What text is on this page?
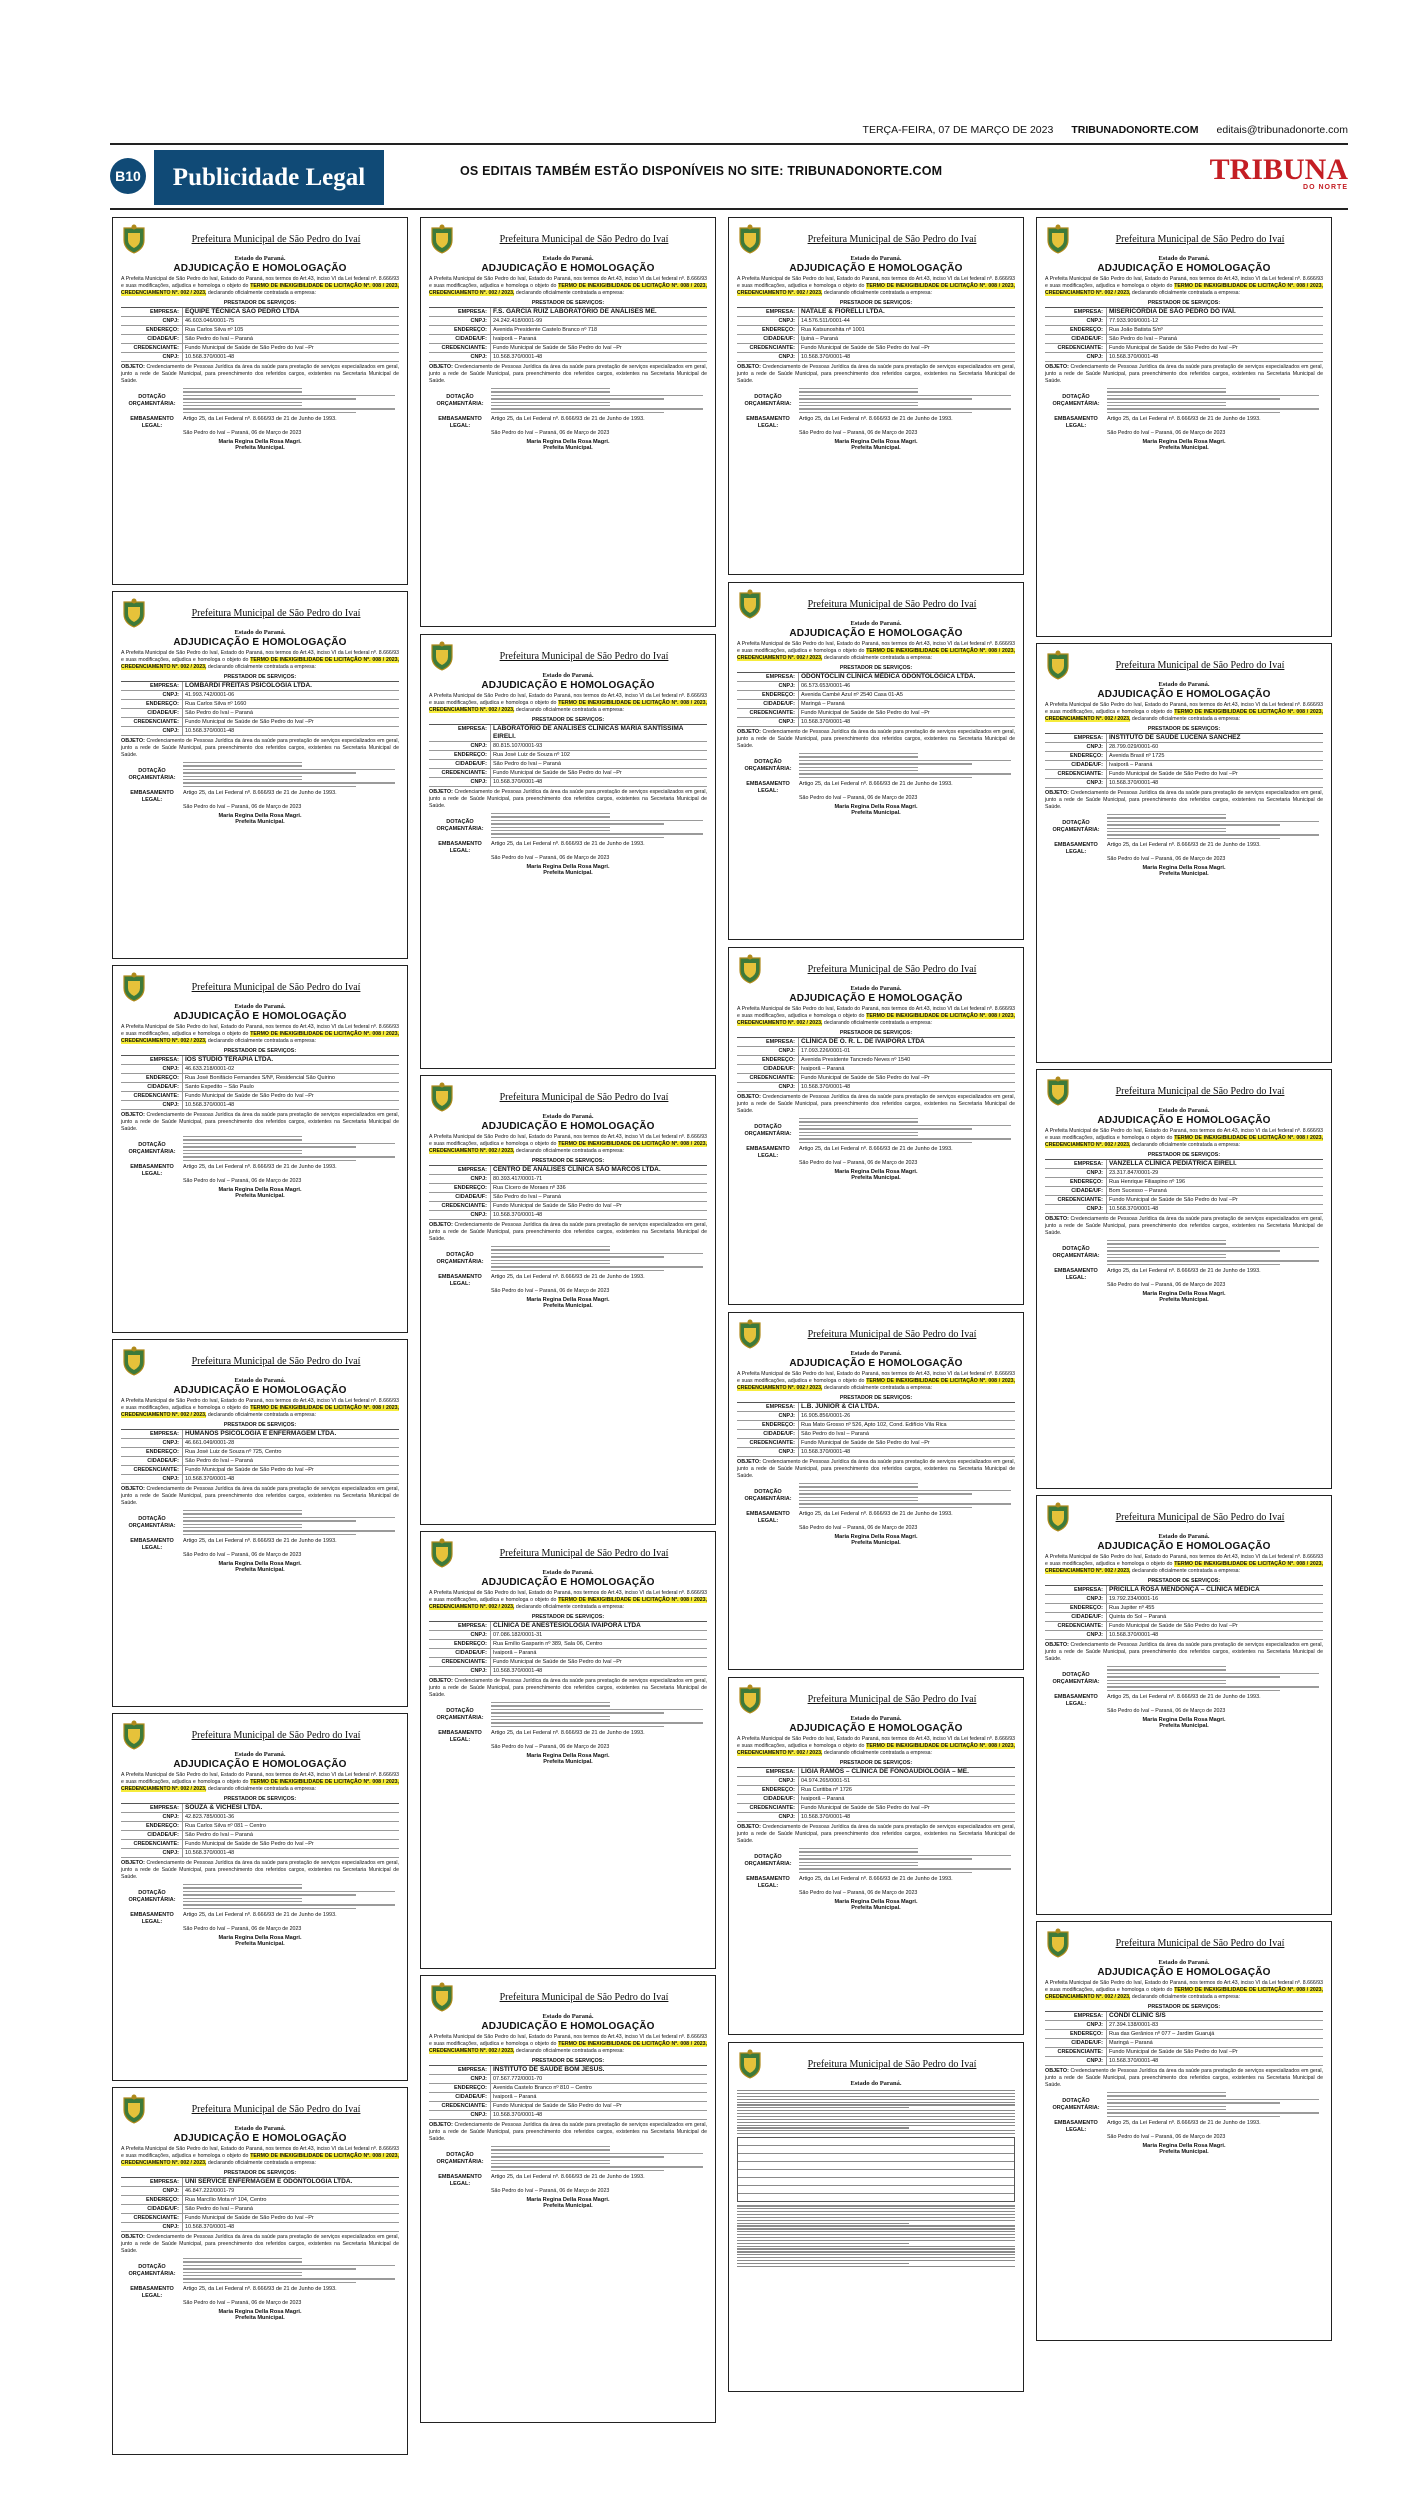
TERÇA-FEIRA, 07 DE MARÇO DE 2023 TRIBUNADONORTE.COM editais@tribunadonorte.com
B10	Publicidade Legal	OS EDITAIS TAMBÉM ESTÃO DISPONÍVEIS NO SITE: TRIBUNADONORTE.COM	TRIBUNA
DO NORTE
Prefeitura Municipal de São Pedro do Ivaí
Estado do Paraná.
ADJUDICAÇÃO E HOMOLOGAÇÃO
A Prefeita Municipal de São Pedro do Ivaí, Estado do Paraná, nos termos do Art.43, inciso VI da Lei federal nº. 8.666/93 e suas modificações, adjudica e homologa o objeto do TERMO DE INEXIGIBILIDADE DE LICITAÇÃO Nº. 008 / 2023, CREDENCIAMENTO Nº. 002 / 2023, declarando oficialmente contratada a empresa:
PRESTADOR DE SERVIÇOS:
EMPRESA: EQUIPE TÉCNICA SÃO PEDRO LTDA
CNPJ:	46.603.046/0001-75
ENDEREÇO:	Rua Carlos Silva nº 105
CIDADE/UF:	São Pedro do Ivaí – Paraná
CREDENCIANTE:	Fundo Municipal de Saúde de São Pedro do Ivaí –Pr
CNPJ:	10.568.370/0001-48
OBJETO: Credenciamento de Pessoas Jurídica da área da saúde para prestação de serviços especializados em geral, junto a rede de Saúde Municipal, para preenchimento dos referidos cargos, existentes na Secretaria Municipal de Saúde.
DOTAÇÃO ORÇAMENTÁRIA:
EMBASAMENTO LEGAL:
Artigo 25, da Lei Federal nº. 8.666/93 de 21 de Junho de 1993.
São Pedro do Ivaí – Paraná, 06 de Março de 2023
Maria Regina Della Rosa Magri.
Prefeita Municipal.
Prefeitura Municipal de São Pedro do Ivaí
Estado do Paraná.
ADJUDICAÇÃO E HOMOLOGAÇÃO
A Prefeita Municipal de São Pedro do Ivaí, Estado do Paraná, nos termos do Art.43, inciso VI da Lei federal nº. 8.666/93 e suas modificações, adjudica e homologa o objeto do TERMO DE INEXIGIBILIDADE DE LICITAÇÃO Nº. 008 / 2023, CREDENCIAMENTO Nº. 002 / 2023, declarando oficialmente contratada a empresa:
PRESTADOR DE SERVIÇOS:
EMPRESA: LOMBARDI FREITAS PSICOLOGIA LTDA.
CNPJ:	41.993.742/0001-06
ENDEREÇO:	Rua Carlos Silva nº 1660
CIDADE/UF:	São Pedro do Ivaí – Paraná
CREDENCIANTE:	Fundo Municipal de Saúde de São Pedro do Ivaí –Pr
CNPJ:	10.568.370/0001-48
OBJETO: Credenciamento de Pessoas Jurídica da área da saúde para prestação de serviços especializados em geral, junto a rede de Saúde Municipal, para preenchimento dos referidos cargos, existentes na Secretaria Municipal de Saúde.
DOTAÇÃO ORÇAMENTÁRIA:
EMBASAMENTO LEGAL:
Artigo 25, da Lei Federal nº. 8.666/93 de 21 de Junho de 1993.
São Pedro do Ivaí – Paraná, 06 de Março de 2023
Maria Regina Della Rosa Magri.
Prefeita Municipal.
Prefeitura Municipal de São Pedro do Ivaí
Estado do Paraná.
ADJUDICAÇÃO E HOMOLOGAÇÃO
A Prefeita Municipal de São Pedro do Ivaí, Estado do Paraná, nos termos do Art.43, inciso VI da Lei federal nº. 8.666/93 e suas modificações, adjudica e homologa o objeto do TERMO DE INEXIGIBILIDADE DE LICITAÇÃO Nº. 008 / 2023, CREDENCIAMENTO Nº. 002 / 2023, declarando oficialmente contratada a empresa:
PRESTADOR DE SERVIÇOS:
EMPRESA: IOS STUDIO TERAPIA LTDA.
CNPJ:	46.633.218/0001-02
ENDEREÇO:	Rua José Bonifácio Fernandes S/Nº, Residencial São Quirino
CIDADE/UF:	Santo Expedito – São Paulo
CREDENCIANTE:	Fundo Municipal de Saúde de São Pedro do Ivaí –Pr
CNPJ:	10.568.370/0001-48
OBJETO: Credenciamento de Pessoas Jurídica da área da saúde para prestação de serviços especializados em geral, junto a rede de Saúde Municipal, para preenchimento dos referidos cargos, existentes na Secretaria Municipal de Saúde.
DOTAÇÃO ORÇAMENTÁRIA:
EMBASAMENTO LEGAL:
Artigo 25, da Lei Federal nº. 8.666/93 de 21 de Junho de 1993.
São Pedro do Ivaí – Paraná, 06 de Março de 2023
Maria Regina Della Rosa Magri.
Prefeita Municipal.
Prefeitura Municipal de São Pedro do Ivaí
Estado do Paraná.
ADJUDICAÇÃO E HOMOLOGAÇÃO
A Prefeita Municipal de São Pedro do Ivaí, Estado do Paraná, nos termos do Art.43, inciso VI da Lei federal nº. 8.666/93 e suas modificações, adjudica e homologa o objeto do TERMO DE INEXIGIBILIDADE DE LICITAÇÃO Nº. 008 / 2023, CREDENCIAMENTO Nº. 002 / 2023, declarando oficialmente contratada a empresa:
PRESTADOR DE SERVIÇOS:
EMPRESA: HUMANOS PSICOLOGIA E ENFERMAGEM LTDA.
CNPJ:	46.661.049/0001-28
ENDEREÇO:	Rua José Luiz de Souza nº 725, Centro
CIDADE/UF:	São Pedro do Ivaí – Paraná
CREDENCIANTE:	Fundo Municipal de Saúde de São Pedro do Ivaí –Pr
CNPJ:	10.568.370/0001-48
OBJETO: Credenciamento de Pessoas Jurídica da área da saúde para prestação de serviços especializados em geral, junto a rede de Saúde Municipal, para preenchimento dos referidos cargos, existentes na Secretaria Municipal de Saúde.
DOTAÇÃO ORÇAMENTÁRIA:
EMBASAMENTO LEGAL:
Artigo 25, da Lei Federal nº. 8.666/93 de 21 de Junho de 1993.
São Pedro do Ivaí – Paraná, 06 de Março de 2023
Maria Regina Della Rosa Magri.
Prefeita Municipal.
Prefeitura Municipal de São Pedro do Ivaí
Estado do Paraná.
ADJUDICAÇÃO E HOMOLOGAÇÃO
A Prefeita Municipal de São Pedro do Ivaí, Estado do Paraná, nos termos do Art.43, inciso VI da Lei federal nº. 8.666/93 e suas modificações, adjudica e homologa o objeto do TERMO DE INEXIGIBILIDADE DE LICITAÇÃO Nº. 008 / 2023, CREDENCIAMENTO Nº. 002 / 2023, declarando oficialmente contratada a empresa:
PRESTADOR DE SERVIÇOS:
EMPRESA: SOUZA & VICHESI LTDA.
CNPJ:	42.823.785/0001-36
ENDEREÇO:	Rua Carlos Silva nº 081 – Centro
CIDADE/UF:	São Pedro do Ivaí – Paraná
CREDENCIANTE:	Fundo Municipal de Saúde de São Pedro do Ivaí –Pr
CNPJ:	10.568.370/0001-48
OBJETO: Credenciamento de Pessoas Jurídica da área da saúde para prestação de serviços especializados em geral, junto a rede de Saúde Municipal, para preenchimento dos referidos cargos, existentes na Secretaria Municipal de Saúde.
DOTAÇÃO ORÇAMENTÁRIA:
EMBASAMENTO LEGAL:
Artigo 25, da Lei Federal nº. 8.666/93 de 21 de Junho de 1993.
São Pedro do Ivaí – Paraná, 06 de Março de 2023
Maria Regina Della Rosa Magri.
Prefeita Municipal.
Prefeitura Municipal de São Pedro do Ivaí
Estado do Paraná.
ADJUDICAÇÃO E HOMOLOGAÇÃO
A Prefeita Municipal de São Pedro do Ivaí, Estado do Paraná, nos termos do Art.43, inciso VI da Lei federal nº. 8.666/93 e suas modificações, adjudica e homologa o objeto do TERMO DE INEXIGIBILIDADE DE LICITAÇÃO Nº. 008 / 2023, CREDENCIAMENTO Nº. 002 / 2023, declarando oficialmente contratada a empresa:
PRESTADOR DE SERVIÇOS:
EMPRESA: UNI SERVICE ENFERMAGEM E ODONTOLOGIA LTDA.
CNPJ:	46.847.222/0001-79
ENDEREÇO:	Rua Marcílio Mota nº 104, Centro
CIDADE/UF:	São Pedro do Ivaí – Paraná
CREDENCIANTE:	Fundo Municipal de Saúde de São Pedro do Ivaí –Pr
CNPJ:	10.568.370/0001-48
OBJETO: Credenciamento de Pessoas Jurídica da área da saúde para prestação de serviços especializados em geral, junto a rede de Saúde Municipal, para preenchimento dos referidos cargos, existentes na Secretaria Municipal de Saúde.
DOTAÇÃO ORÇAMENTÁRIA:
EMBASAMENTO LEGAL:
Artigo 25, da Lei Federal nº. 8.666/93 de 21 de Junho de 1993.
São Pedro do Ivaí – Paraná, 06 de Março de 2023
Maria Regina Della Rosa Magri.
Prefeita Municipal.
Prefeitura Municipal de São Pedro do Ivaí
Estado do Paraná.
ADJUDICAÇÃO E HOMOLOGAÇÃO
A Prefeita Municipal de São Pedro do Ivaí, Estado do Paraná, nos termos do Art.43, inciso VI da Lei federal nº. 8.666/93 e suas modificações, adjudica e homologa o objeto do TERMO DE INEXIGIBILIDADE DE LICITAÇÃO Nº. 008 / 2023, CREDENCIAMENTO Nº. 002 / 2023, declarando oficialmente contratada a empresa:
PRESTADOR DE SERVIÇOS:
EMPRESA: F.S. GARCIA RUIZ LABORATÓRIO DE ANÁLISES ME.
CNPJ:	24.242.418/0001-99
ENDEREÇO:	Avenida Presidente Castelo Branco nº 718
CIDADE/UF:	Ivaiporã – Paraná
CREDENCIANTE:	Fundo Municipal de Saúde de São Pedro do Ivaí –Pr
CNPJ:	10.568.370/0001-48
OBJETO: Credenciamento de Pessoas Jurídica da área da saúde para prestação de serviços especializados em geral, junto a rede de Saúde Municipal, para preenchimento dos referidos cargos, existentes na Secretaria Municipal de Saúde.
DOTAÇÃO ORÇAMENTÁRIA:
EMBASAMENTO LEGAL:
Artigo 25, da Lei Federal nº. 8.666/93 de 21 de Junho de 1993.
São Pedro do Ivaí – Paraná, 06 de Março de 2023
Maria Regina Della Rosa Magri.
Prefeita Municipal.
Prefeitura Municipal de São Pedro do Ivaí
Estado do Paraná.
ADJUDICAÇÃO E HOMOLOGAÇÃO
A Prefeita Municipal de São Pedro do Ivaí, Estado do Paraná, nos termos do Art.43, inciso VI da Lei federal nº. 8.666/93 e suas modificações, adjudica e homologa o objeto do TERMO DE INEXIGIBILIDADE DE LICITAÇÃO Nº. 008 / 2023, CREDENCIAMENTO Nº. 002 / 2023, declarando oficialmente contratada a empresa:
PRESTADOR DE SERVIÇOS:
EMPRESA: LABORATÓRIO DE ANÁLISES CLÍNICAS MARIA SANTÍSSIMA EIRELI.
CNPJ:	80.815.107/0001-93
ENDEREÇO:	Rua José Luiz de Souza nº 102
CIDADE/UF:	São Pedro do Ivaí – Paraná
CREDENCIANTE:	Fundo Municipal de Saúde de São Pedro do Ivaí –Pr
CNPJ:	10.568.370/0001-48
OBJETO: Credenciamento de Pessoas Jurídica da área da saúde para prestação de serviços especializados em geral, junto a rede de Saúde Municipal, para preenchimento dos referidos cargos, existentes na Secretaria Municipal de Saúde.
DOTAÇÃO ORÇAMENTÁRIA:
EMBASAMENTO LEGAL:
Artigo 25, da Lei Federal nº. 8.666/93 de 21 de Junho de 1993.
São Pedro do Ivaí – Paraná, 06 de Março de 2023
Maria Regina Della Rosa Magri.
Prefeita Municipal.
Prefeitura Municipal de São Pedro do Ivaí
Estado do Paraná.
ADJUDICAÇÃO E HOMOLOGAÇÃO
A Prefeita Municipal de São Pedro do Ivaí, Estado do Paraná, nos termos do Art.43, inciso VI da Lei federal nº. 8.666/93 e suas modificações, adjudica e homologa o objeto do TERMO DE INEXIGIBILIDADE DE LICITAÇÃO Nº. 008 / 2023, CREDENCIAMENTO Nº. 002 / 2023, declarando oficialmente contratada a empresa:
PRESTADOR DE SERVIÇOS:
EMPRESA: CENTRO DE ANÁLISES CLÍNICA SÃO MARCOS LTDA.
CNPJ:	80.393.417/0001-71
ENDEREÇO:	Rua Cícero de Moraes nº 336
CIDADE/UF:	São Pedro do Ivaí – Paraná
CREDENCIANTE:	Fundo Municipal de Saúde de São Pedro do Ivaí –Pr
CNPJ:	10.568.370/0001-48
OBJETO: Credenciamento de Pessoas Jurídica da área da saúde para prestação de serviços especializados em geral, junto a rede de Saúde Municipal, para preenchimento dos referidos cargos, existentes na Secretaria Municipal de Saúde.
DOTAÇÃO ORÇAMENTÁRIA:
EMBASAMENTO LEGAL:
Artigo 25, da Lei Federal nº. 8.666/93 de 21 de Junho de 1993.
São Pedro do Ivaí – Paraná, 06 de Março de 2023
Maria Regina Della Rosa Magri.
Prefeita Municipal.
Prefeitura Municipal de São Pedro do Ivaí
Estado do Paraná.
ADJUDICAÇÃO E HOMOLOGAÇÃO
A Prefeita Municipal de São Pedro do Ivaí, Estado do Paraná, nos termos do Art.43, inciso VI da Lei federal nº. 8.666/93 e suas modificações, adjudica e homologa o objeto do TERMO DE INEXIGIBILIDADE DE LICITAÇÃO Nº. 008 / 2023, CREDENCIAMENTO Nº. 002 / 2023, declarando oficialmente contratada a empresa:
PRESTADOR DE SERVIÇOS:
EMPRESA: CLÍNICA DE ANESTESIOLOGIA IVAIPORÃ LTDA
CNPJ:	07.086.182/0001-31
ENDEREÇO:	Rua Emílio Gasparin nº 389, Sala 06, Centro
CIDADE/UF:	Ivaiporã – Paraná
CREDENCIANTE:	Fundo Municipal de Saúde de São Pedro do Ivaí –Pr
CNPJ:	10.568.370/0001-48
OBJETO: Credenciamento de Pessoas Jurídica da área da saúde para prestação de serviços especializados em geral, junto a rede de Saúde Municipal, para preenchimento dos referidos cargos, existentes na Secretaria Municipal de Saúde.
DOTAÇÃO ORÇAMENTÁRIA:
EMBASAMENTO LEGAL:
Artigo 25, da Lei Federal nº. 8.666/93 de 21 de Junho de 1993.
São Pedro do Ivaí – Paraná, 06 de Março de 2023
Maria Regina Della Rosa Magri.
Prefeita Municipal.
Prefeitura Municipal de São Pedro do Ivaí
Estado do Paraná.
ADJUDICAÇÃO E HOMOLOGAÇÃO
A Prefeita Municipal de São Pedro do Ivaí, Estado do Paraná, nos termos do Art.43, inciso VI da Lei federal nº. 8.666/93 e suas modificações, adjudica e homologa o objeto do TERMO DE INEXIGIBILIDADE DE LICITAÇÃO Nº. 008 / 2023, CREDENCIAMENTO Nº. 002 / 2023, declarando oficialmente contratada a empresa:
PRESTADOR DE SERVIÇOS:
EMPRESA: INSTITUTO DE SAÚDE BOM JESUS.
CNPJ:	07.567.772/0001-70
ENDEREÇO:	Avenida Castelo Branco nº 810 – Centro
CIDADE/UF:	Ivaiporã – Paraná
CREDENCIANTE:	Fundo Municipal de Saúde de São Pedro do Ivaí –Pr
CNPJ:	10.568.370/0001-48
OBJETO: Credenciamento de Pessoas Jurídica da área da saúde para prestação de serviços especializados em geral, junto a rede de Saúde Municipal, para preenchimento dos referidos cargos, existentes na Secretaria Municipal de Saúde.
DOTAÇÃO ORÇAMENTÁRIA:
EMBASAMENTO LEGAL:
Artigo 25, da Lei Federal nº. 8.666/93 de 21 de Junho de 1993.
São Pedro do Ivaí – Paraná, 06 de Março de 2023
Maria Regina Della Rosa Magri.
Prefeita Municipal.
Prefeitura Municipal de São Pedro do Ivaí
Estado do Paraná.
ADJUDICAÇÃO E HOMOLOGAÇÃO
A Prefeita Municipal de São Pedro do Ivaí, Estado do Paraná, nos termos do Art.43, inciso VI da Lei federal nº. 8.666/93 e suas modificações, adjudica e homologa o objeto do TERMO DE INEXIGIBILIDADE DE LICITAÇÃO Nº. 008 / 2023, CREDENCIAMENTO Nº. 002 / 2023, declarando oficialmente contratada a empresa:
PRESTADOR DE SERVIÇOS:
EMPRESA: NATALE & FIORELLI LTDA.
CNPJ:	14.576.511/0001-44
ENDEREÇO:	Rua Katsunoshita nº 1001
CIDADE/UF:	Ijuiná – Paraná
CREDENCIANTE:	Fundo Municipal de Saúde de São Pedro do Ivaí –Pr
CNPJ:	10.568.370/0001-48
OBJETO: Credenciamento de Pessoas Jurídica da área da saúde para prestação de serviços especializados em geral, junto a rede de Saúde Municipal, para preenchimento dos referidos cargos, existentes na Secretaria Municipal de Saúde.
DOTAÇÃO ORÇAMENTÁRIA:
EMBASAMENTO LEGAL:
Artigo 25, da Lei Federal nº. 8.666/93 de 21 de Junho de 1993.
São Pedro do Ivaí – Paraná, 06 de Março de 2023
Maria Regina Della Rosa Magri.
Prefeita Municipal.
Prefeitura Municipal de São Pedro do Ivaí
Estado do Paraná.
ADJUDICAÇÃO E HOMOLOGAÇÃO
A Prefeita Municipal de São Pedro do Ivaí, Estado do Paraná, nos termos do Art.43, inciso VI da Lei federal nº. 8.666/93 e suas modificações, adjudica e homologa o objeto do TERMO DE INEXIGIBILIDADE DE LICITAÇÃO Nº. 008 / 2023, CREDENCIAMENTO Nº. 002 / 2023, declarando oficialmente contratada a empresa:
PRESTADOR DE SERVIÇOS:
EMPRESA: ODONTOCLIN CLÍNICA MÉDICA ODONTOLÓGICA LTDA.
CNPJ:	06.573.653/0001-46
ENDEREÇO:	Avenida Cambé Azul nº 2540 Casa 01-A5
CIDADE/UF:	Maringá – Paraná
CREDENCIANTE:	Fundo Municipal de Saúde de São Pedro do Ivaí –Pr
CNPJ:	10.568.370/0001-48
OBJETO: Credenciamento de Pessoas Jurídica da área da saúde para prestação de serviços especializados em geral, junto a rede de Saúde Municipal, para preenchimento dos referidos cargos, existentes na Secretaria Municipal de Saúde.
DOTAÇÃO ORÇAMENTÁRIA:
EMBASAMENTO LEGAL:
Artigo 25, da Lei Federal nº. 8.666/93 de 21 de Junho de 1993.
São Pedro do Ivaí – Paraná, 06 de Março de 2023
Maria Regina Della Rosa Magri.
Prefeita Municipal.
Prefeitura Municipal de São Pedro do Ivaí
Estado do Paraná.
ADJUDICAÇÃO E HOMOLOGAÇÃO
A Prefeita Municipal de São Pedro do Ivaí, Estado do Paraná, nos termos do Art.43, inciso VI da Lei federal nº. 8.666/93 e suas modificações, adjudica e homologa o objeto do TERMO DE INEXIGIBILIDADE DE LICITAÇÃO Nº. 008 / 2023, CREDENCIAMENTO Nº. 002 / 2023, declarando oficialmente contratada a empresa:
PRESTADOR DE SERVIÇOS:
EMPRESA: CLÍNICA DE O. R. L. DE IVAIPORÃ LTDA
CNPJ:	17.093.226/0001-01
ENDEREÇO:	Avenida Presidente Tancredo Neves nº 1540
CIDADE/UF:	Ivaiporã – Paraná
CREDENCIANTE:	Fundo Municipal de Saúde de São Pedro do Ivaí –Pr
CNPJ:	10.568.370/0001-48
OBJETO: Credenciamento de Pessoas Jurídica da área da saúde para prestação de serviços especializados em geral, junto a rede de Saúde Municipal, para preenchimento dos referidos cargos, existentes na Secretaria Municipal de Saúde.
DOTAÇÃO ORÇAMENTÁRIA:
EMBASAMENTO LEGAL:
Artigo 25, da Lei Federal nº. 8.666/93 de 21 de Junho de 1993.
São Pedro do Ivaí – Paraná, 06 de Março de 2023
Maria Regina Della Rosa Magri.
Prefeita Municipal.
Prefeitura Municipal de São Pedro do Ivaí
Estado do Paraná.
ADJUDICAÇÃO E HOMOLOGAÇÃO
A Prefeita Municipal de São Pedro do Ivaí, Estado do Paraná, nos termos do Art.43, inciso VI da Lei federal nº. 8.666/93 e suas modificações, adjudica e homologa o objeto do TERMO DE INEXIGIBILIDADE DE LICITAÇÃO Nº. 008 / 2023, CREDENCIAMENTO Nº. 002 / 2023, declarando oficialmente contratada a empresa:
PRESTADOR DE SERVIÇOS:
EMPRESA: L.B. JUNIOR & CIA LTDA.
CNPJ:	16.905.856/0001-26
ENDEREÇO:	Rua Mato Grosso nº 526, Apto 102, Cond. Edifício Vila Rica
CIDADE/UF:	São Pedro do Ivaí – Paraná
CREDENCIANTE:	Fundo Municipal de Saúde de São Pedro do Ivaí –Pr
CNPJ:	10.568.370/0001-48
OBJETO: Credenciamento de Pessoas Jurídica da área da saúde para prestação de serviços especializados em geral, junto a rede de Saúde Municipal, para preenchimento dos referidos cargos, existentes na Secretaria Municipal de Saúde.
DOTAÇÃO ORÇAMENTÁRIA:
EMBASAMENTO LEGAL:
Artigo 25, da Lei Federal nº. 8.666/93 de 21 de Junho de 1993.
São Pedro do Ivaí – Paraná, 06 de Março de 2023
Maria Regina Della Rosa Magri.
Prefeita Municipal.
Prefeitura Municipal de São Pedro do Ivaí
Estado do Paraná.
ADJUDICAÇÃO E HOMOLOGAÇÃO
A Prefeita Municipal de São Pedro do Ivaí, Estado do Paraná, nos termos do Art.43, inciso VI da Lei federal nº. 8.666/93 e suas modificações, adjudica e homologa o objeto do TERMO DE INEXIGIBILIDADE DE LICITAÇÃO Nº. 008 / 2023, CREDENCIAMENTO Nº. 002 / 2023, declarando oficialmente contratada a empresa:
PRESTADOR DE SERVIÇOS:
EMPRESA: LIGIA RAMOS – CLÍNICA DE FONOAUDIOLOGIA – ME.
CNPJ:	04.974.265/0001-51
ENDEREÇO:	Rua Curitiba nº 1726
CIDADE/UF:	Ivaiporã – Paraná
CREDENCIANTE:	Fundo Municipal de Saúde de São Pedro do Ivaí –Pr
CNPJ:	10.568.370/0001-48
OBJETO: Credenciamento de Pessoas Jurídica da área da saúde para prestação de serviços especializados em geral, junto a rede de Saúde Municipal, para preenchimento dos referidos cargos, existentes na Secretaria Municipal de Saúde.
DOTAÇÃO ORÇAMENTÁRIA:
EMBASAMENTO LEGAL:
Artigo 25, da Lei Federal nº. 8.666/93 de 21 de Junho de 1993.
São Pedro do Ivaí – Paraná, 06 de Março de 2023
Maria Regina Della Rosa Magri.
Prefeita Municipal.
Prefeitura Municipal de São Pedro do Ivaí
Estado do Paraná.
Prefeitura Municipal de São Pedro do Ivaí
Estado do Paraná.
ADJUDICAÇÃO E HOMOLOGAÇÃO
A Prefeita Municipal de São Pedro do Ivaí, Estado do Paraná, nos termos do Art.43, inciso VI da Lei federal nº. 8.666/93 e suas modificações, adjudica e homologa o objeto do TERMO DE INEXIGIBILIDADE DE LICITAÇÃO Nº. 008 / 2023, CREDENCIAMENTO Nº. 002 / 2023, declarando oficialmente contratada a empresa:
PRESTADOR DE SERVIÇOS:
EMPRESA: MISERICÓRDIA DE SÃO PEDRO DO IVAÍ.
CNPJ:	77.933.909/0001-12
ENDEREÇO:	Rua João Batista S/nº
CIDADE/UF:	São Pedro do Ivaí – Paraná
CREDENCIANTE:	Fundo Municipal de Saúde de São Pedro do Ivaí –Pr
CNPJ:	10.568.370/0001-48
OBJETO: Credenciamento de Pessoas Jurídica da área da saúde para prestação de serviços especializados em geral, junto a rede de Saúde Municipal, para preenchimento dos referidos cargos, existentes na Secretaria Municipal de Saúde.
DOTAÇÃO ORÇAMENTÁRIA:
EMBASAMENTO LEGAL:
Artigo 25, da Lei Federal nº. 8.666/93 de 21 de Junho de 1993.
São Pedro do Ivaí – Paraná, 06 de Março de 2023
Maria Regina Della Rosa Magri.
Prefeita Municipal.
Prefeitura Municipal de São Pedro do Ivaí
Estado do Paraná.
ADJUDICAÇÃO E HOMOLOGAÇÃO
A Prefeita Municipal de São Pedro do Ivaí, Estado do Paraná, nos termos do Art.43, inciso VI da Lei federal nº. 8.666/93 e suas modificações, adjudica e homologa o objeto do TERMO DE INEXIGIBILIDADE DE LICITAÇÃO Nº. 008 / 2023, CREDENCIAMENTO Nº. 002 / 2023, declarando oficialmente contratada a empresa:
PRESTADOR DE SERVIÇOS:
EMPRESA: INSTITUTO DE SAÚDE LUCENA SANCHEZ
CNPJ:	28.799.029/0001-60
ENDEREÇO:	Avenida Brasil nº 1725
CIDADE/UF:	Ivaiporã – Paraná
CREDENCIANTE:	Fundo Municipal de Saúde de São Pedro do Ivaí –Pr
CNPJ:	10.568.370/0001-48
OBJETO: Credenciamento de Pessoas Jurídica da área da saúde para prestação de serviços especializados em geral, junto a rede de Saúde Municipal, para preenchimento dos referidos cargos, existentes na Secretaria Municipal de Saúde.
DOTAÇÃO ORÇAMENTÁRIA:
EMBASAMENTO LEGAL:
Artigo 25, da Lei Federal nº. 8.666/93 de 21 de Junho de 1993.
São Pedro do Ivaí – Paraná, 06 de Março de 2023
Maria Regina Della Rosa Magri.
Prefeita Municipal.
Prefeitura Municipal de São Pedro do Ivaí
Estado do Paraná.
ADJUDICAÇÃO E HOMOLOGAÇÃO
A Prefeita Municipal de São Pedro do Ivaí, Estado do Paraná, nos termos do Art.43, inciso VI da Lei federal nº. 8.666/93 e suas modificações, adjudica e homologa o objeto do TERMO DE INEXIGIBILIDADE DE LICITAÇÃO Nº. 008 / 2023, CREDENCIAMENTO Nº. 002 / 2023, declarando oficialmente contratada a empresa:
PRESTADOR DE SERVIÇOS:
EMPRESA: VANZELLA CLÍNICA PEDIÁTRICA EIRELI.
CNPJ:	23.317.847/0001-29
ENDEREÇO:	Rua Henrique Filiaspino nº 196
CIDADE/UF:	Bom Sucesso – Paraná
CREDENCIANTE:	Fundo Municipal de Saúde de São Pedro do Ivaí –Pr
CNPJ:	10.568.370/0001-48
OBJETO: Credenciamento de Pessoas Jurídica da área da saúde para prestação de serviços especializados em geral, junto a rede de Saúde Municipal, para preenchimento dos referidos cargos, existentes na Secretaria Municipal de Saúde.
DOTAÇÃO ORÇAMENTÁRIA:
EMBASAMENTO LEGAL:
Artigo 25, da Lei Federal nº. 8.666/93 de 21 de Junho de 1993.
São Pedro do Ivaí – Paraná, 06 de Março de 2023
Maria Regina Della Rosa Magri.
Prefeita Municipal.
Prefeitura Municipal de São Pedro do Ivaí
Estado do Paraná.
ADJUDICAÇÃO E HOMOLOGAÇÃO
A Prefeita Municipal de São Pedro do Ivaí, Estado do Paraná, nos termos do Art.43, inciso VI da Lei federal nº. 8.666/93 e suas modificações, adjudica e homologa o objeto do TERMO DE INEXIGIBILIDADE DE LICITAÇÃO Nº. 008 / 2023, CREDENCIAMENTO Nº. 002 / 2023, declarando oficialmente contratada a empresa:
PRESTADOR DE SERVIÇOS:
EMPRESA: PRICILLA ROSA MENDONÇA – CLÍNICA MÉDICA
CNPJ:	19.792.234/0001-16
ENDEREÇO:	Rua Jupiter nº 455
CIDADE/UF:	Quinta do Sol – Paraná
CREDENCIANTE:	Fundo Municipal de Saúde de São Pedro do Ivaí –Pr
CNPJ:	10.568.370/0001-48
OBJETO: Credenciamento de Pessoas Jurídica da área da saúde para prestação de serviços especializados em geral, junto a rede de Saúde Municipal, para preenchimento dos referidos cargos, existentes na Secretaria Municipal de Saúde.
DOTAÇÃO ORÇAMENTÁRIA:
EMBASAMENTO LEGAL:
Artigo 25, da Lei Federal nº. 8.666/93 de 21 de Junho de 1993.
São Pedro do Ivaí – Paraná, 06 de Março de 2023
Maria Regina Della Rosa Magri.
Prefeita Municipal.
Prefeitura Municipal de São Pedro do Ivaí
Estado do Paraná.
ADJUDICAÇÃO E HOMOLOGAÇÃO
A Prefeita Municipal de São Pedro do Ivaí, Estado do Paraná, nos termos do Art.43, inciso VI da Lei federal nº. 8.666/93 e suas modificações, adjudica e homologa o objeto do TERMO DE INEXIGIBILIDADE DE LICITAÇÃO Nº. 008 / 2023, CREDENCIAMENTO Nº. 002 / 2023, declarando oficialmente contratada a empresa:
PRESTADOR DE SERVIÇOS:
EMPRESA: CONDI CLINIC S/S
CNPJ:	27.394.138/0001-83
ENDEREÇO:	Rua das Gerânios nº 077 – Jardim Guarujá
CIDADE/UF:	Maringá – Paraná
CREDENCIANTE:	Fundo Municipal de Saúde de São Pedro do Ivaí –Pr
CNPJ:	10.568.370/0001-48
OBJETO: Credenciamento de Pessoas Jurídica da área da saúde para prestação de serviços especializados em geral, junto a rede de Saúde Municipal, para preenchimento dos referidos cargos, existentes na Secretaria Municipal de Saúde.
DOTAÇÃO ORÇAMENTÁRIA:
EMBASAMENTO LEGAL:
Artigo 25, da Lei Federal nº. 8.666/93 de 21 de Junho de 1993.
São Pedro do Ivaí – Paraná, 06 de Março de 2023
Maria Regina Della Rosa Magri.
Prefeita Municipal.
